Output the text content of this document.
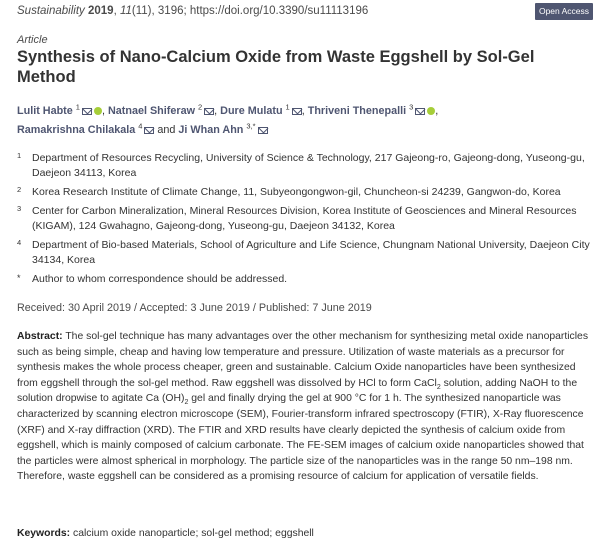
Sustainability 2019, 11(11), 3196; https://doi.org/10.3390/su11113196	Open Access
Article
Synthesis of Nano-Calcium Oxide from Waste Eggshell by Sol-Gel Method
Lulit Habte $^1$ , Natnael Shiferaw $^2$ , Dure Mulatu $^1$ , Thriveni Thenepalli $^3$ ,
Ramakrishna Chilakala $^4$ and Ji Whan Ahn $^{3,*}$
1 Department of Resources Recycling, University of Science & Technology, 217 Gajeong-ro, Gajeong-dong, Yuseong-gu, Daejeon 34113, Korea
2 Korea Research Institute of Climate Change, 11, Subyeongongwon-gil, Chuncheon-si 24239, Gangwon-do, Korea
3 Center for Carbon Mineralization, Mineral Resources Division, Korea Institute of Geosciences and Mineral Resources (KIGAM), 124 Gwahagno, Gajeong-dong, Yuseong-gu, Daejeon 34132, Korea
4 Department of Bio-based Materials, School of Agriculture and Life Science, Chungnam National University, Daejeon City 34134, Korea
* Author to whom correspondence should be addressed.
Received: 30 April 2019 / Accepted: 3 June 2019 / Published: 7 June 2019
Abstract: The sol-gel technique has many advantages over the other mechanism for synthesizing metal oxide nanoparticles such as being simple, cheap and having low temperature and pressure. Utilization of waste materials as a precursor for synthesis makes the whole process cheaper, green and sustainable. Calcium Oxide nanoparticles have been synthesized from eggshell through the sol-gel method. Raw eggshell was dissolved by HCl to form CaCl$_2$ solution, adding NaOH to the solution dropwise to agitate Ca $(OH)_2$ gel and finally drying the gel at 900 °C for 1 h. The synthesized nanoparticle was characterized by scanning electron microscope (SEM), Fourier-transform infrared spectroscopy (FTIR), X-Ray fluorescence (XRF) and X-ray diffraction (XRD). The FTIR and XRD results have clearly depicted the synthesis of calcium oxide from eggshell, which is mainly composed of calcium carbonate. The FE-SEM images of calcium oxide nanoparticles showed that the particles were almost spherical in morphology. The particle size of the nanoparticles was in the range 50 nm–198 nm. Therefore, waste eggshell can be considered as a promising resource of calcium for application of versatile fields.
Keywords: calcium oxide nanoparticle; sol-gel method; eggshell
